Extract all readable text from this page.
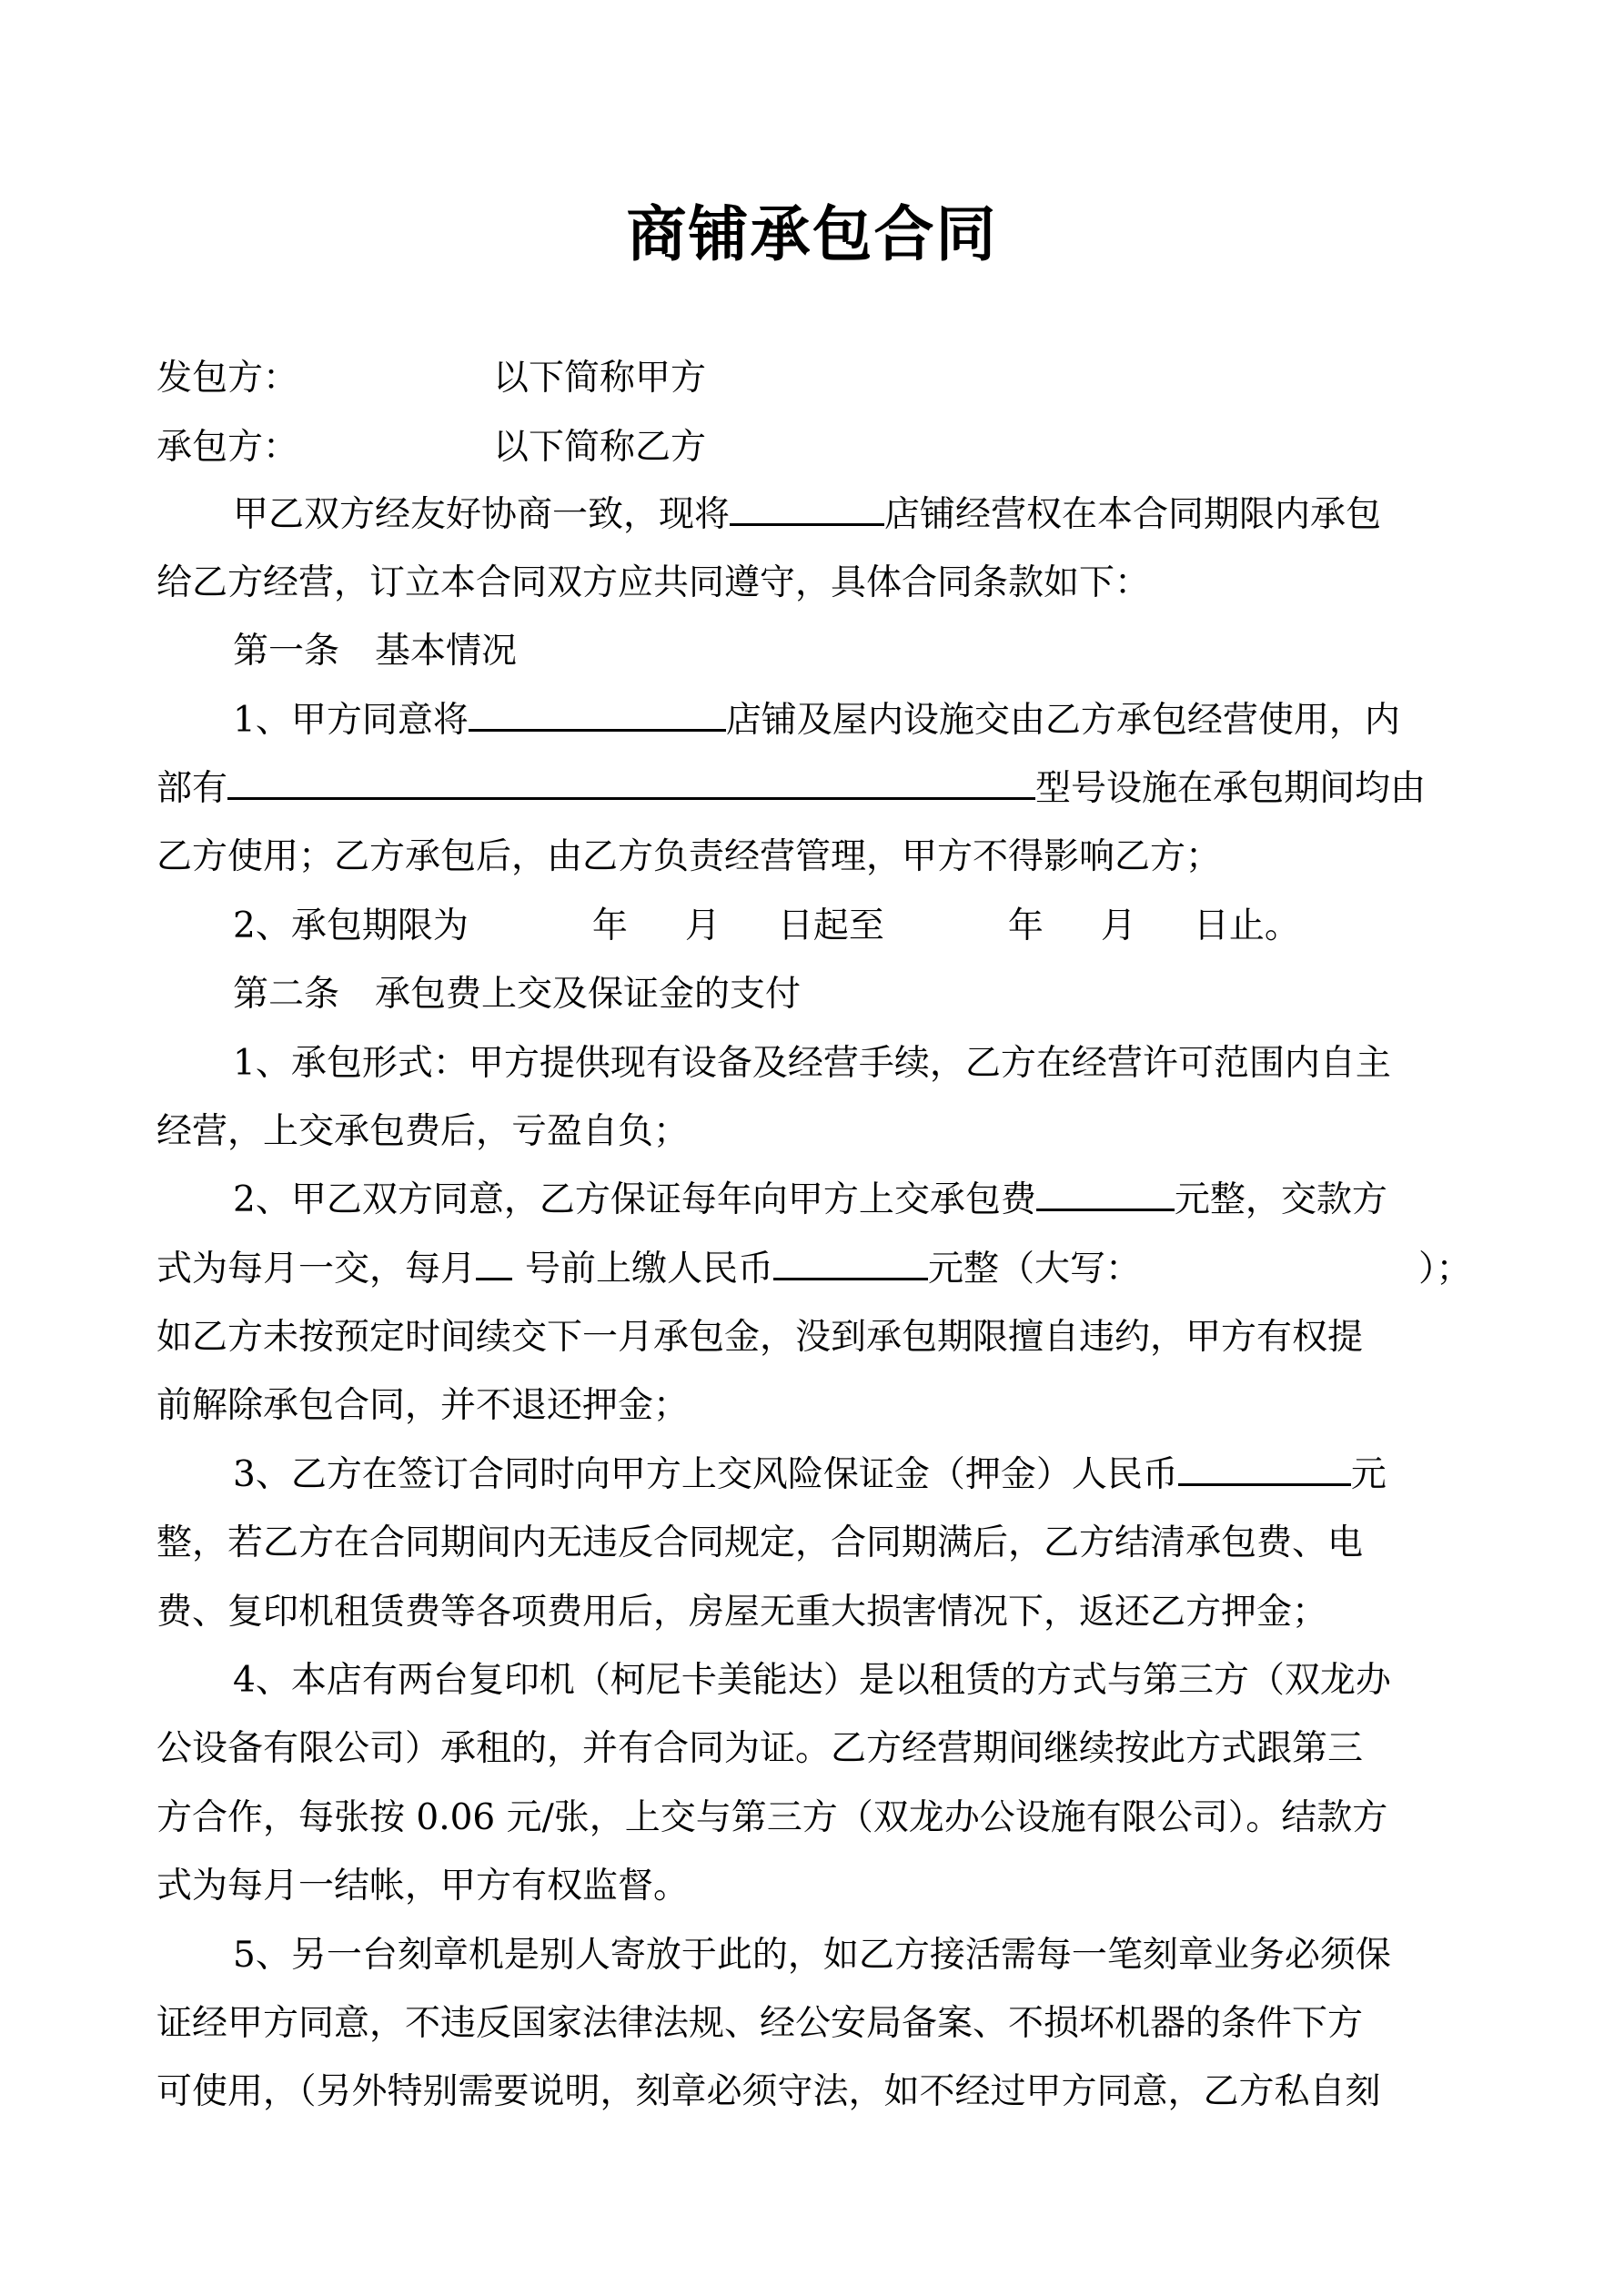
商铺承包合同
发包方：	以下简称甲方
承包方：	以下简称乙方
甲乙双方经友好协商一致，现将	店铺经营权在本合同期限内承包
给乙方经营，订立本合同双方应共同遵守，具体合同条款如下：
第一条　基本情况
1、甲方同意将	店铺及屋内设施交由乙方承包经营使用，内
部有	型号设施在承包期间均由
乙方使用；乙方承包后，由乙方负责经营管理，甲方不得影响乙方；
2、承包期限为	年 月 日起至	年 月 日止。
第二条　承包费上交及保证金的支付
1、承包形式：甲方提供现有设备及经营手续，乙方在经营许可范围内自主
经营，上交承包费后，亏盈自负；
2、甲乙双方同意，乙方保证每年向甲方上交承包费	元整，交款方
式为每月一交，每月 号前上缴人民币	元整（大写：	）；
如乙方未按预定时间续交下一月承包金，没到承包期限擅自违约，甲方有权提
前解除承包合同，并不退还押金；
3、乙方在签订合同时向甲方上交风险保证金（押金）人民币	元
整，若乙方在合同期间内无违反合同规定，合同期满后，乙方结清承包费、电
费、复印机租赁费等各项费用后，房屋无重大损害情况下，返还乙方押金；
4、本店有两台复印机（柯尼卡美能达）是以租赁的方式与第三方（双龙办
公设备有限公司）承租的，并有合同为证。乙方经营期间继续按此方式跟第三
方合作，每张按 0.06 元/张，上交与第三方（双龙办公设施有限公司）。结款方
式为每月一结帐，甲方有权监督。
5、另一台刻章机是别人寄放于此的，如乙方接活需每一笔刻章业务必须保
证经甲方同意，不违反国家法律法规、经公安局备案、不损坏机器的条件下方
可使用，（另外特别需要说明，刻章必须守法，如不经过甲方同意，乙方私自刻
